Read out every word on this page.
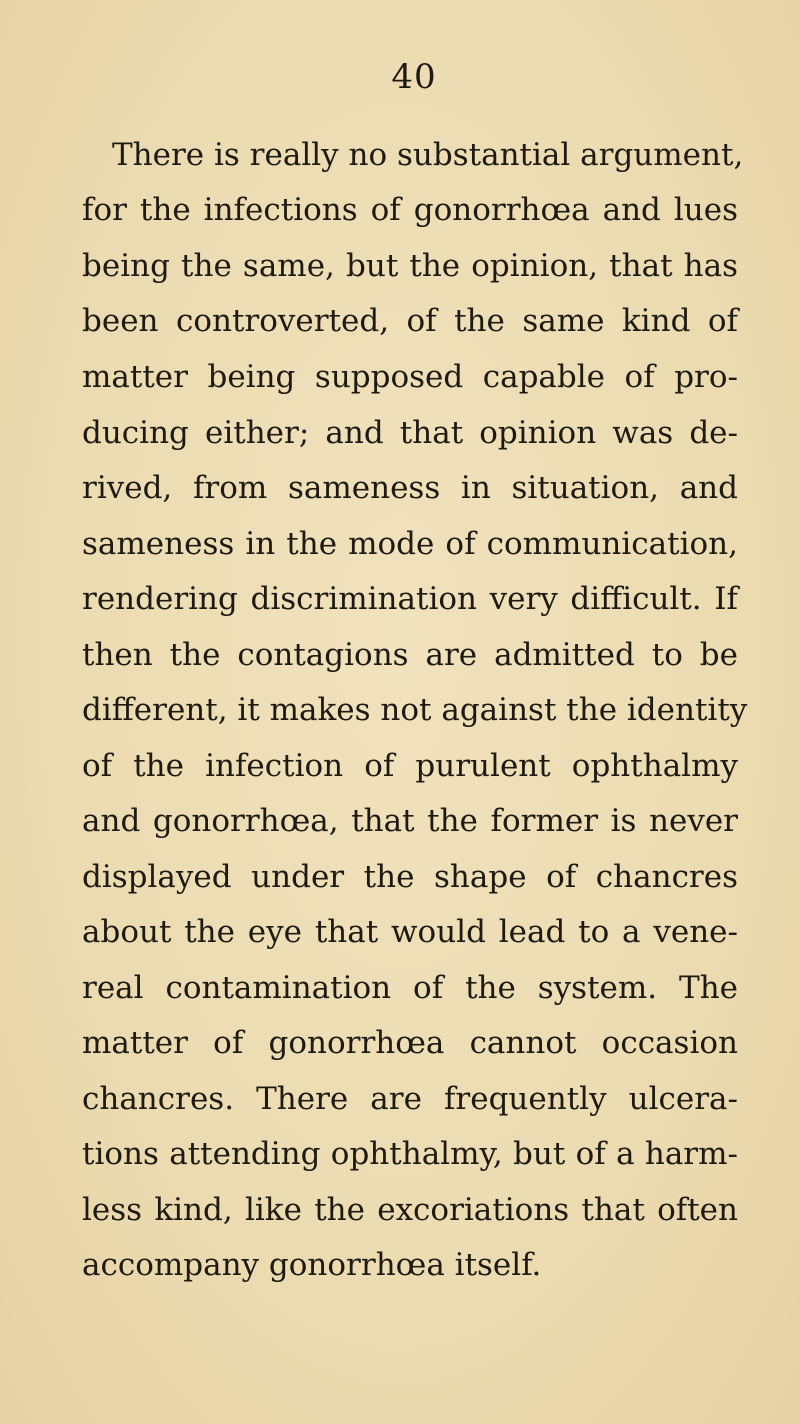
40
There is really no substantial argument,
for the infections of gonorrhœa and lues
being the same, but the opinion, that has
been controverted, of the same kind of
matter being supposed capable of pro-
ducing either; and that opinion was de-
rived, from sameness in situation, and
sameness in the mode of communication,
rendering discrimination very difficult. If
then the contagions are admitted to be
different, it makes not against the identity
of the infection of purulent ophthalmy
and gonorrhœa, that the former is never
displayed under the shape of chancres
about the eye that would lead to a vene-
real contamination of the system. The
matter of gonorrhœa cannot occasion
chancres. There are frequently ulcera-
tions attending ophthalmy, but of a harm-
less kind, like the excoriations that often
accompany gonorrhœa itself.
